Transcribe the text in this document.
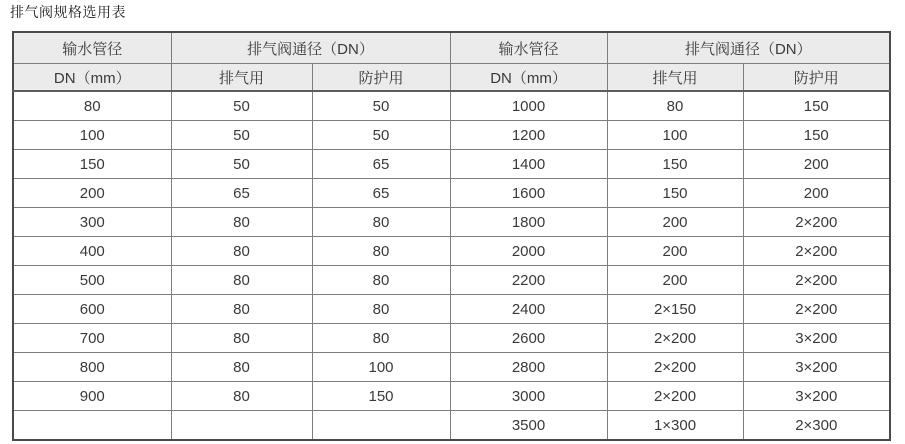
排气阀规格选用表

输水管径	排气阀通径（DN）		输水管径	排气阀通径（DN）	
DN（mm）	排气用	防护用	DN（mm）	排气用	防护用
80	50	50	1000	80	150
100	50	50	1200	100	150
150	50	65	1400	150	200
200	65	65	1600	150	200
300	80	80	1800	200	2×200
400	80	80	2000	200	2×200
500	80	80	2200	200	2×200
600	80	80	2400	2×150	2×200
700	80	80	2600	2×200	3×200
800	80	100	2800	2×200	3×200
900	80	150	3000	2×200	3×200
			3500	1×300	2×300
